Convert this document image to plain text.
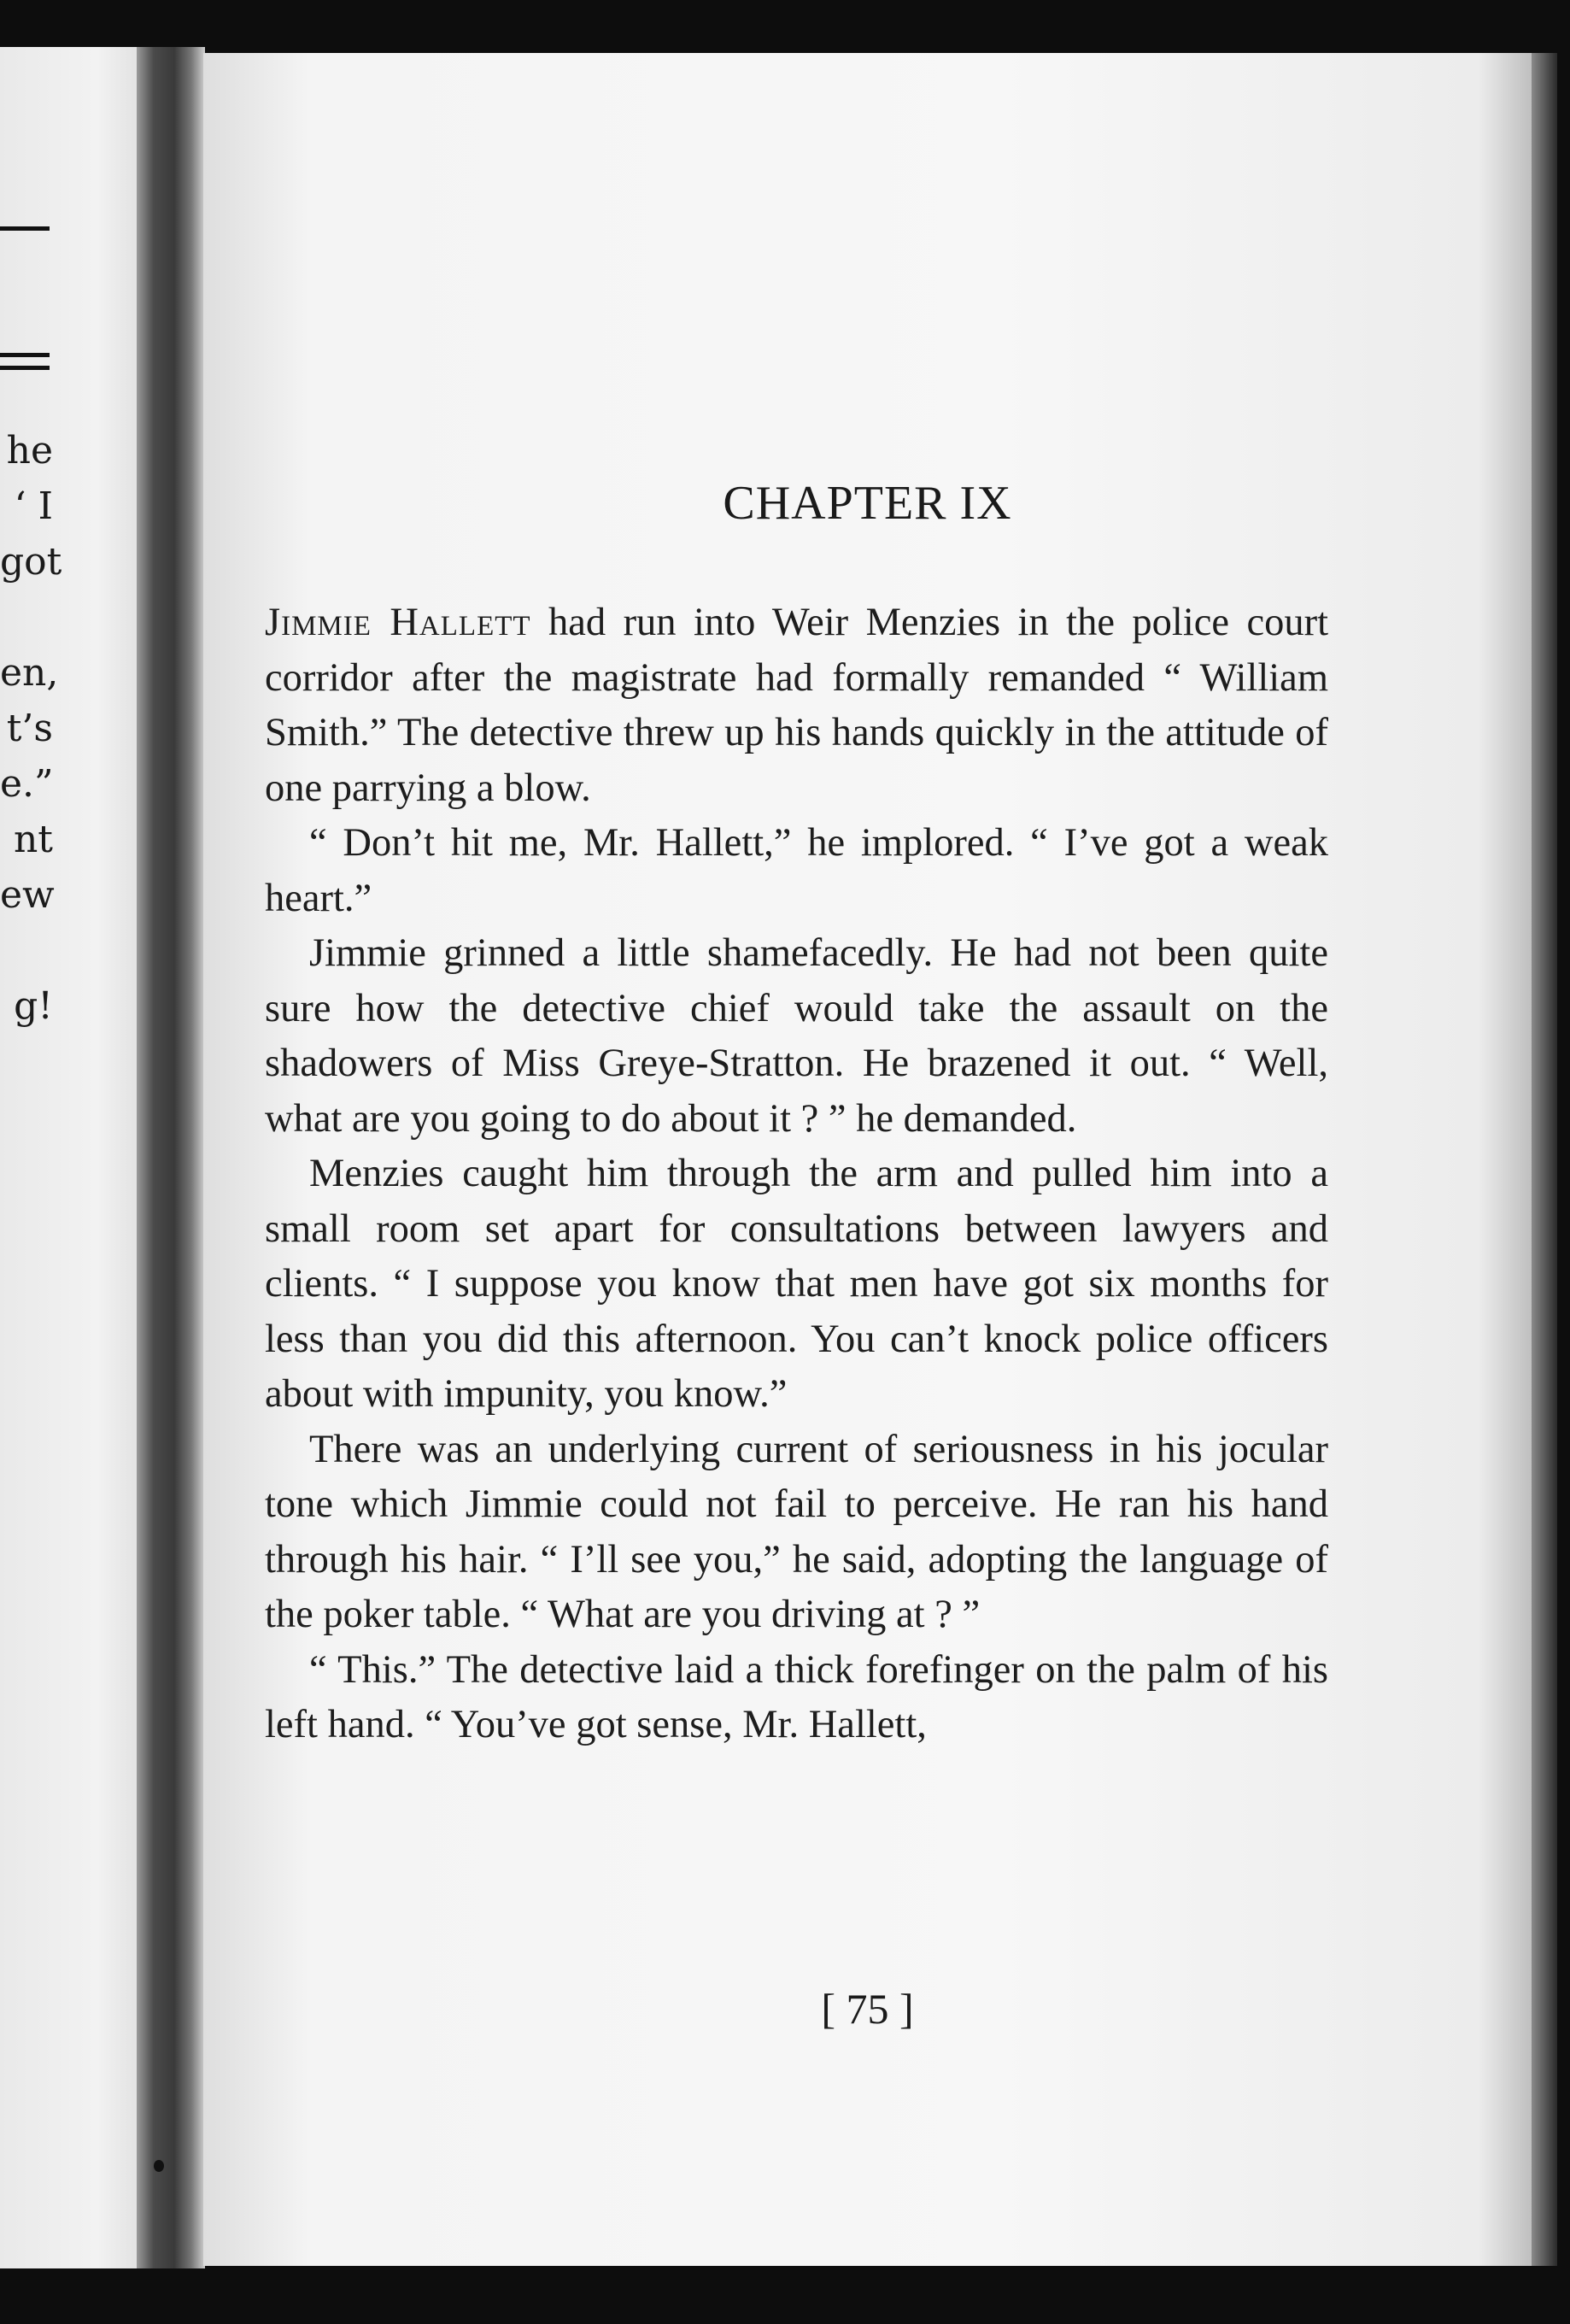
he
‘ I
got
en,
t’s
e.”
nt
ew
g!
CHAPTER IX

Jimmie Hallett had run into Weir Menzies in the police court corridor after the magistrate had formally remanded “ William Smith.” The detective threw up his hands quickly in the attitude of one parrying a blow.

“ Don’t hit me, Mr. Hallett,” he implored. “ I’ve got a weak heart.”

Jimmie grinned a little shamefacedly. He had not been quite sure how the detective chief would take the assault on the shadowers of Miss Greye-Stratton. He brazened it out. “ Well, what are you going to do about it ? ” he demanded.

Menzies caught him through the arm and pulled him into a small room set apart for consultations between lawyers and clients. “ I suppose you know that men have got six months for less than you did this afternoon. You can’t knock police officers about with impunity, you know.”

There was an underlying current of seriousness in his jocular tone which Jimmie could not fail to perceive. He ran his hand through his hair. “ I’ll see you,” he said, adopting the language of the poker table. “ What are you driving at ? ”

“ This.” The detective laid a thick forefinger on the palm of his left hand. “ You’ve got sense, Mr. Hallett,

[ 75 ]
